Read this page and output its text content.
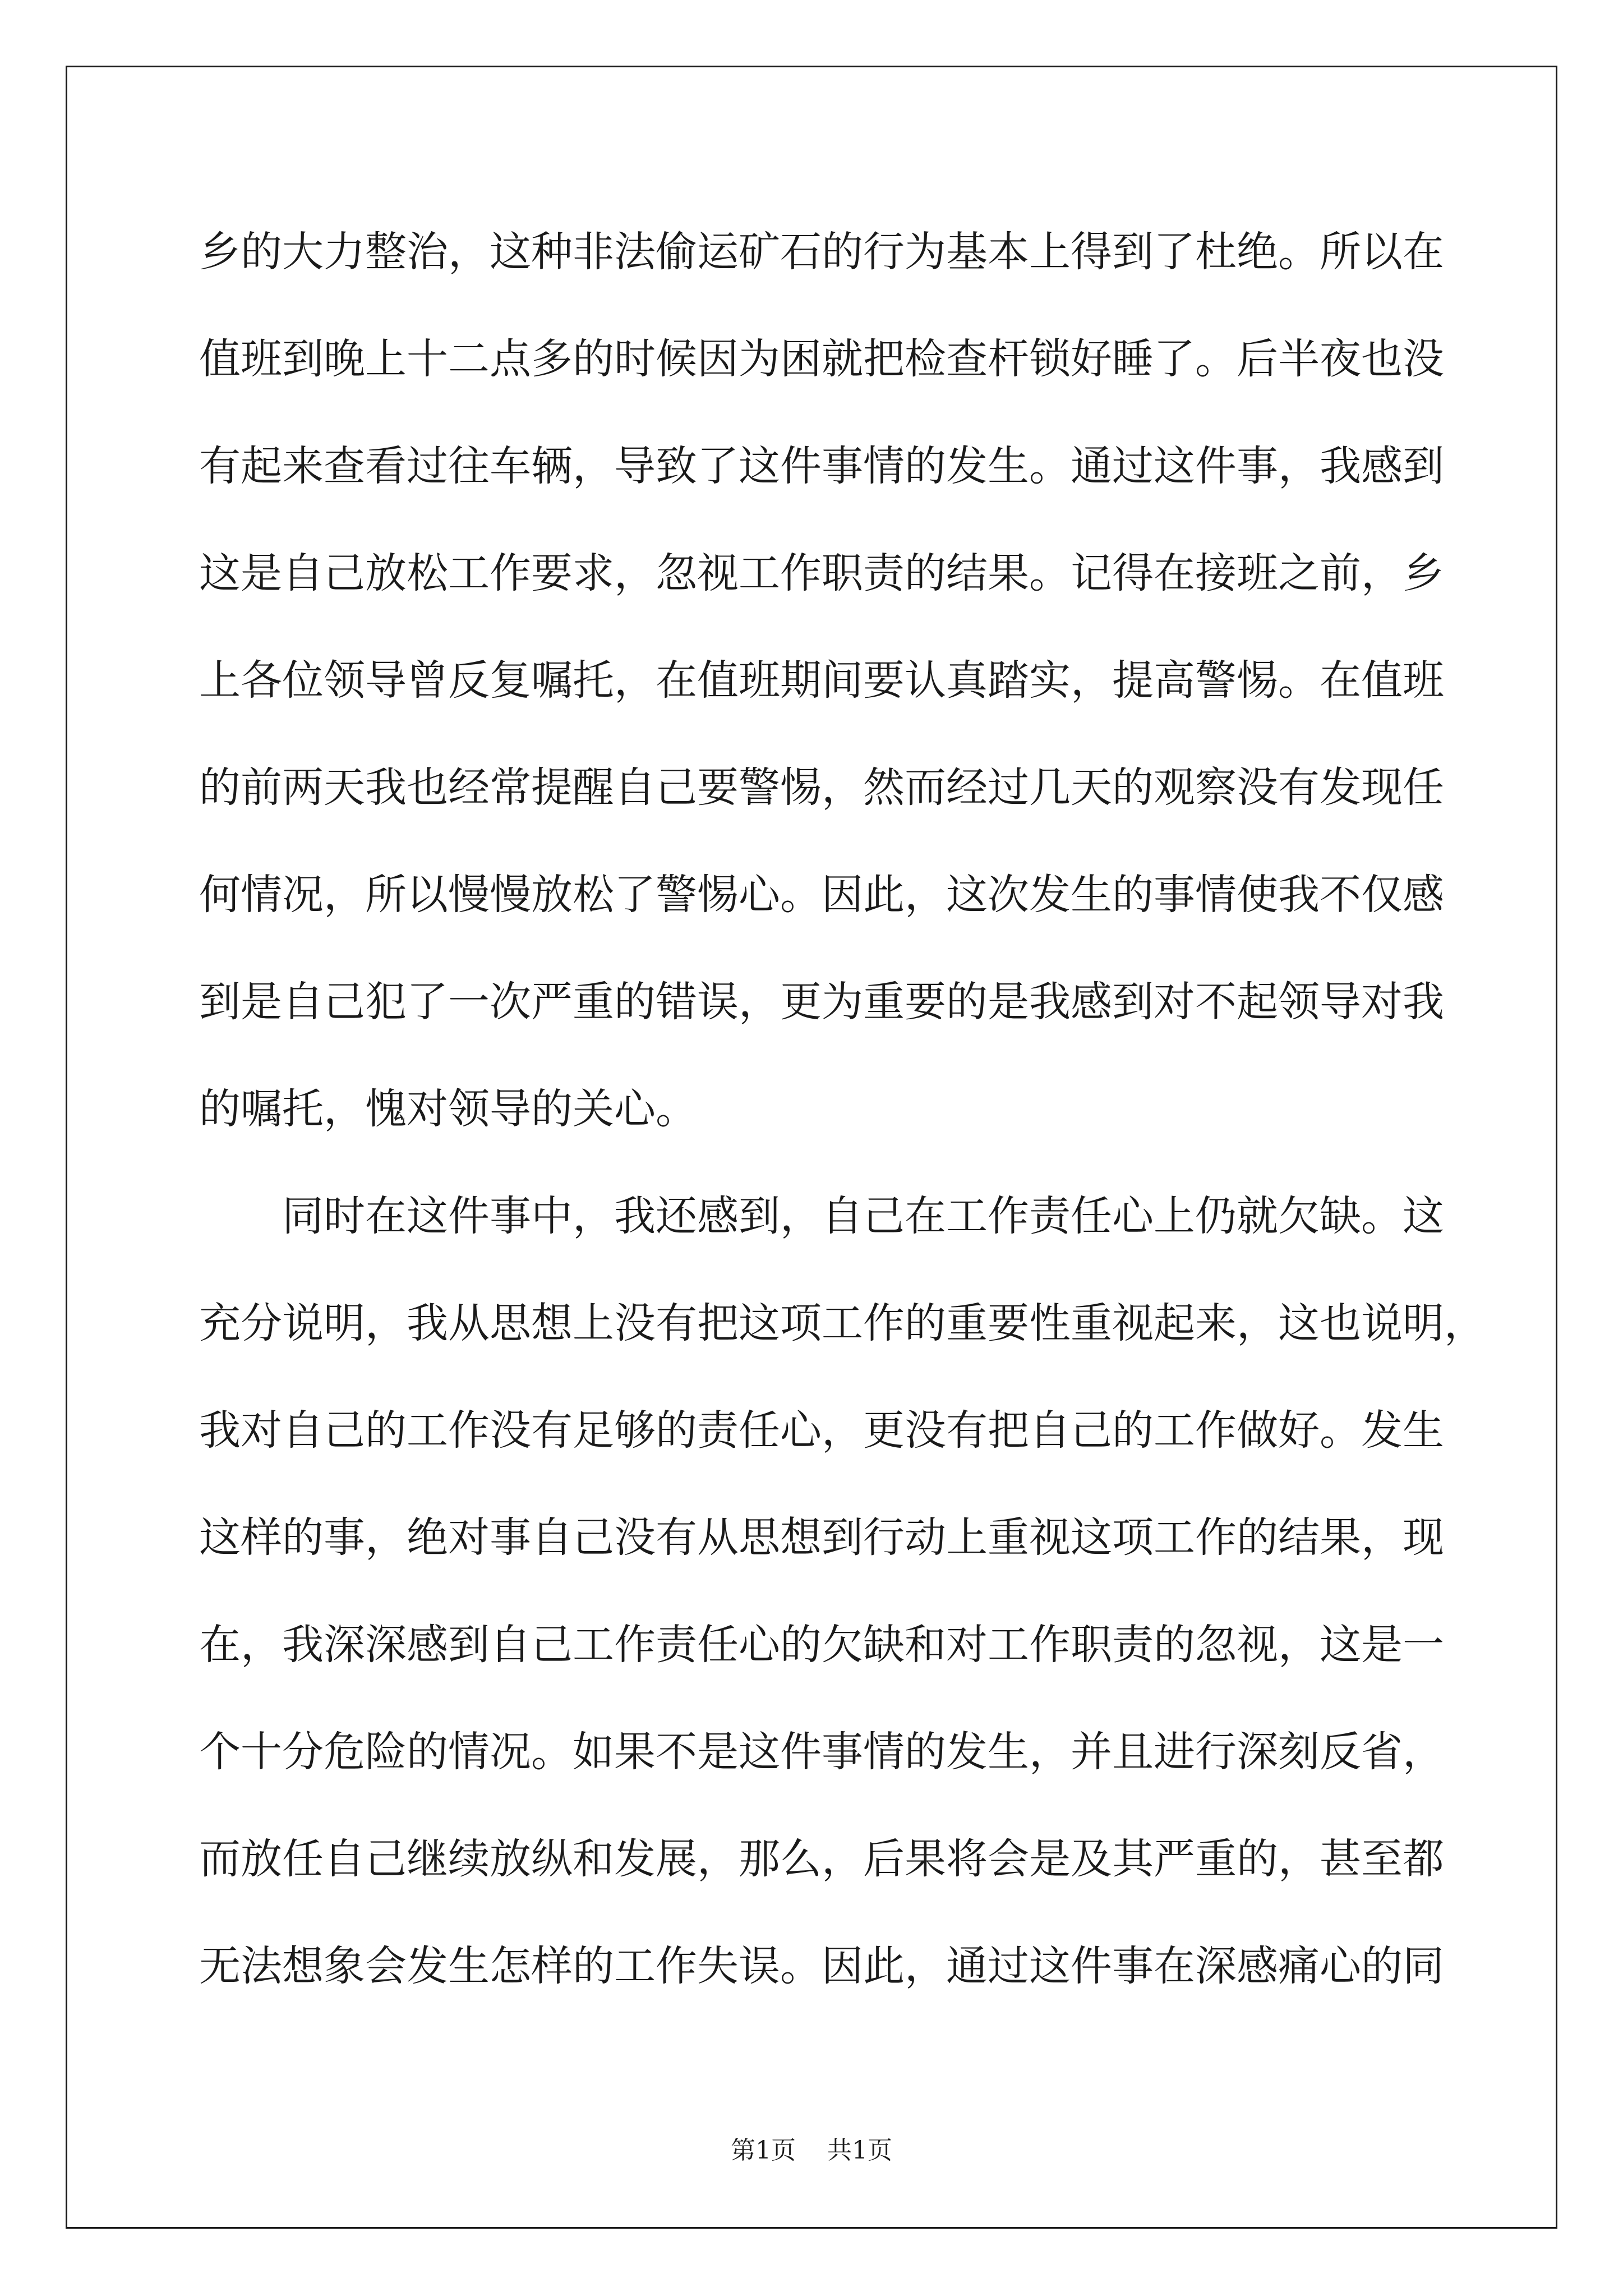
乡的大力整治，这种非法偷运矿石的行为基本上得到了杜绝。所以在
值班到晚上十二点多的时候因为困就把检查杆锁好睡了。后半夜也没
有起来查看过往车辆，导致了这件事情的发生。通过这件事，我感到
这是自己放松工作要求，忽视工作职责的结果。记得在接班之前，乡
上各位领导曾反复嘱托，在值班期间要认真踏实，提高警惕。在值班
的前两天我也经常提醒自己要警惕，然而经过几天的观察没有发现任
何情况，所以慢慢放松了警惕心。因此，这次发生的事情使我不仅感
到是自己犯了一次严重的错误，更为重要的是我感到对不起领导对我
的嘱托，愧对领导的关心。
同时在这件事中，我还感到，自己在工作责任心上仍就欠缺。这
充分说明，我从思想上没有把这项工作的重要性重视起来，这也说明，
我对自己的工作没有足够的责任心，更没有把自己的工作做好。发生
这样的事，绝对事自己没有从思想到行动上重视这项工作的结果，现
在，我深深感到自己工作责任心的欠缺和对工作职责的忽视，这是一
个十分危险的情况。如果不是这件事情的发生，并且进行深刻反省，
而放任自己继续放纵和发展，那么，后果将会是及其严重的，甚至都
无法想象会发生怎样的工作失误。因此，通过这件事在深感痛心的同
第1页    共1页
